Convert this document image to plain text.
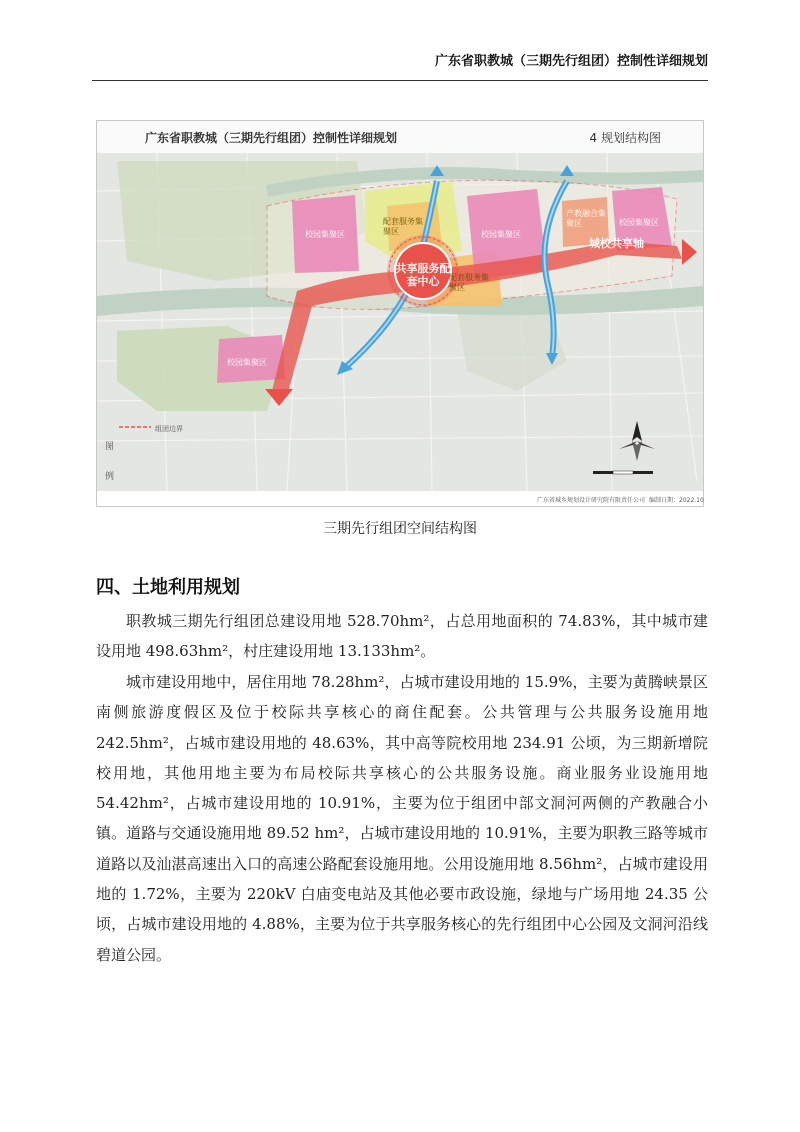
广东省职教城（三期先行组团）控制性详细规划
广东省职教城（三期先行组团）控制性详细规划	4 规划结构图
校园集聚区
校园集聚区
校园集聚区
校园集聚区
配套服务集聚区
配套服务集聚区
产教融合集聚区
共享服务配套中心
城校共享轴
图
例
组团边界
广东省城乡规划设计研究院有限责任公司 编制日期：2022.10
三期先行组团空间结构图
四、土地利用规划

职教城三期先行组团总建设用地 528.70hm²，占总用地面积的 74.83%，其中城市建设用地 498.63hm²，村庄建设用地 13.133hm²。

城市建设用地中，居住用地 78.28hm²，占城市建设用地的 15.9%，主要为黄腾峡景区南侧旅游度假区及位于校际共享核心的商住配套。公共管理与公共服务设施用地 242.5hm²，占城市建设用地的 48.63%，其中高等院校用地 234.91 公顷，为三期新增院校用地，其他用地主要为布局校际共享核心的公共服务设施。商业服务业设施用地 54.42hm²，占城市建设用地的 10.91%，主要为位于组团中部文洞河两侧的产教融合小镇。道路与交通设施用地 89.52 hm²，占城市建设用地的 10.91%，主要为职教三路等城市道路以及汕湛高速出入口的高速公路配套设施用地。公用设施用地 8.56hm²，占城市建设用地的 1.72%，主要为 220kV 白庙变电站及其他必要市政设施，绿地与广场用地 24.35 公顷，占城市建设用地的 4.88%，主要为位于共享服务核心的先行组团中心公园及文洞河沿线碧道公园。
